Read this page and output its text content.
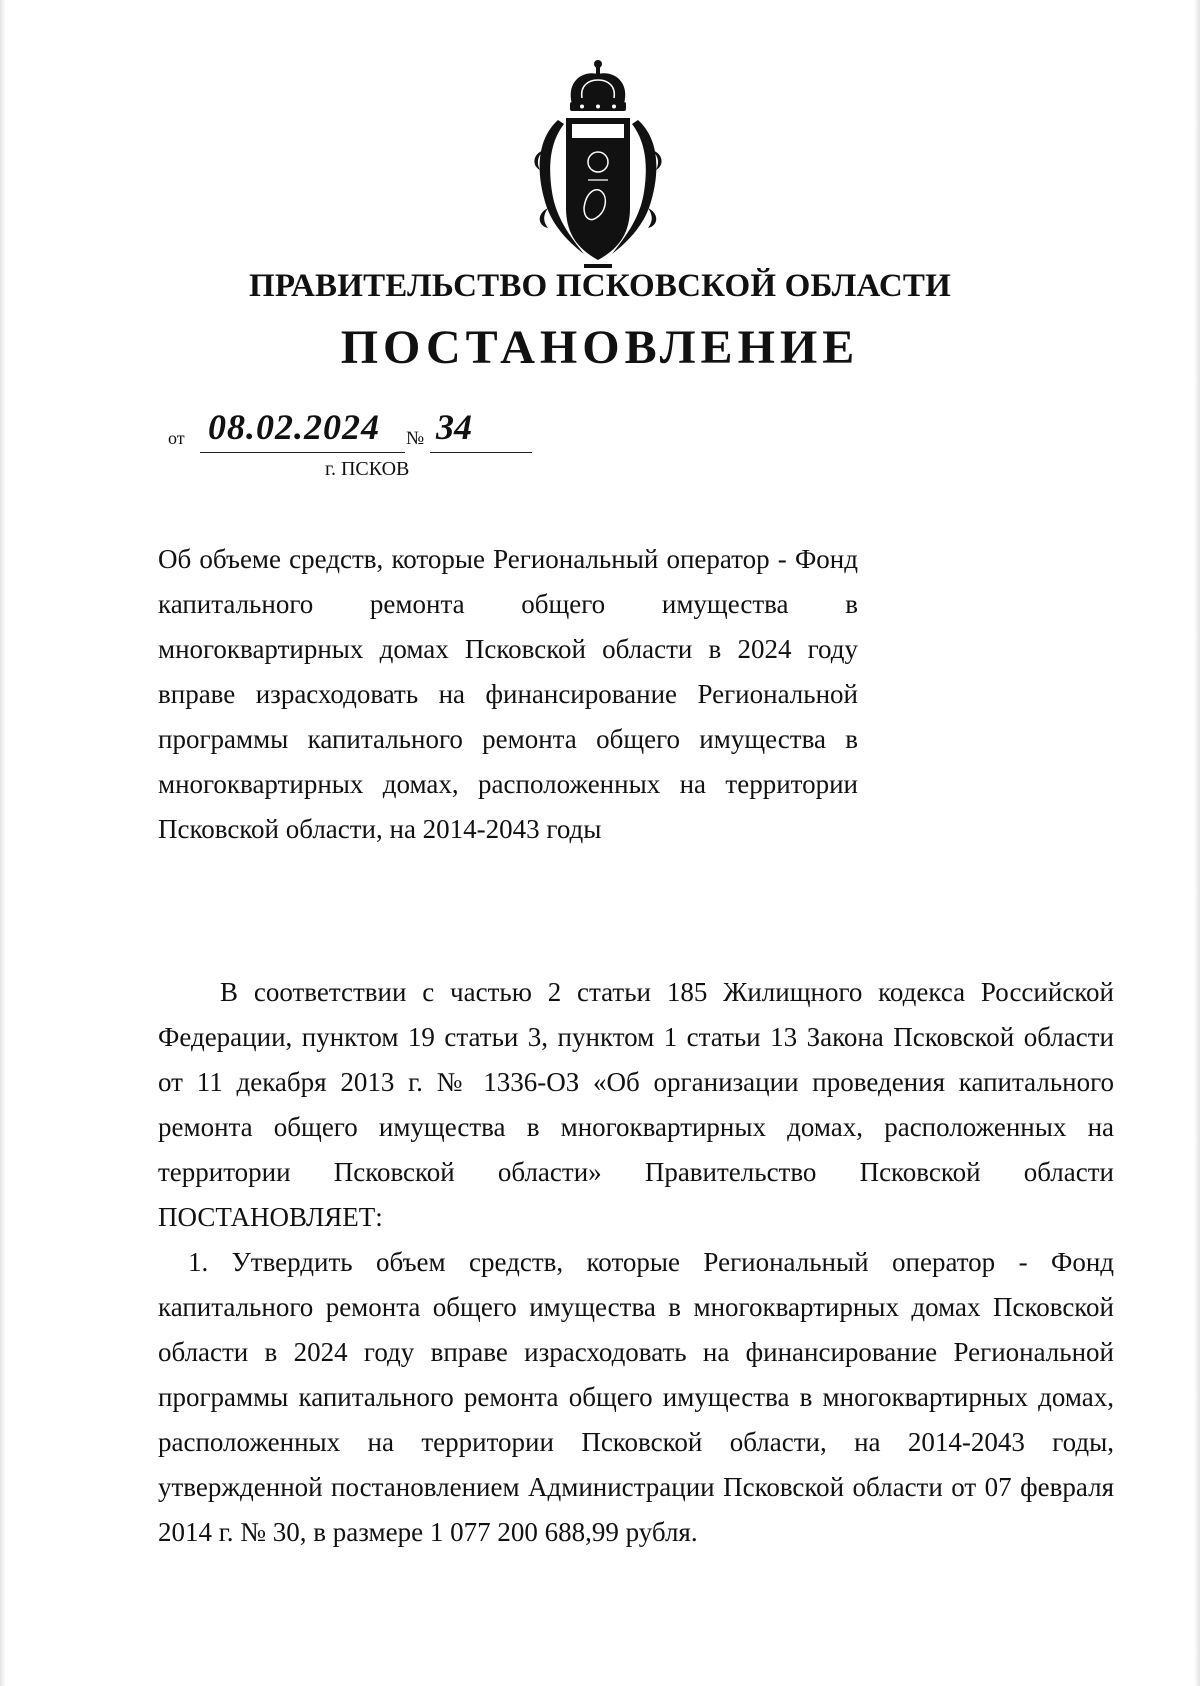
ПРАВИТЕЛЬСТВО ПСКОВСКОЙ ОБЛАСТИ
ПОСТАНОВЛЕНИЕ
от 08.02.2024 № 34
г. ПСКОВ
Об объеме средств, которые Региональный оператор - Фонд капитального ремонта общего имущества в многоквартирных домах Псковской области в 2024 году вправе израсходовать на финансирование Региональной программы капитального ремонта общего имущества в многоквартирных домах, расположенных на территории Псковской области, на 2014-2043 годы

В соответствии с частью 2 статьи 185 Жилищного кодекса Российской Федерации, пунктом 19 статьи 3, пунктом 1 статьи 13 Закона Псковской области от 11 декабря 2013 г. № 1336-ОЗ «Об организации проведения капитального ремонта общего имущества в многоквартирных домах, расположенных на территории Псковской области» Правительство Псковской области ПОСТАНОВЛЯЕТ:

1. Утвердить объем средств, которые Региональный оператор - Фонд капитального ремонта общего имущества в многоквартирных домах Псковской области в 2024 году вправе израсходовать на финансирование Региональной программы капитального ремонта общего имущества в многоквартирных домах, расположенных на территории Псковской области, на 2014-2043 годы, утвержденной постановлением Администрации Псковской области от 07 февраля 2014 г. № 30, в размере 1 077 200 688,99 рубля.
